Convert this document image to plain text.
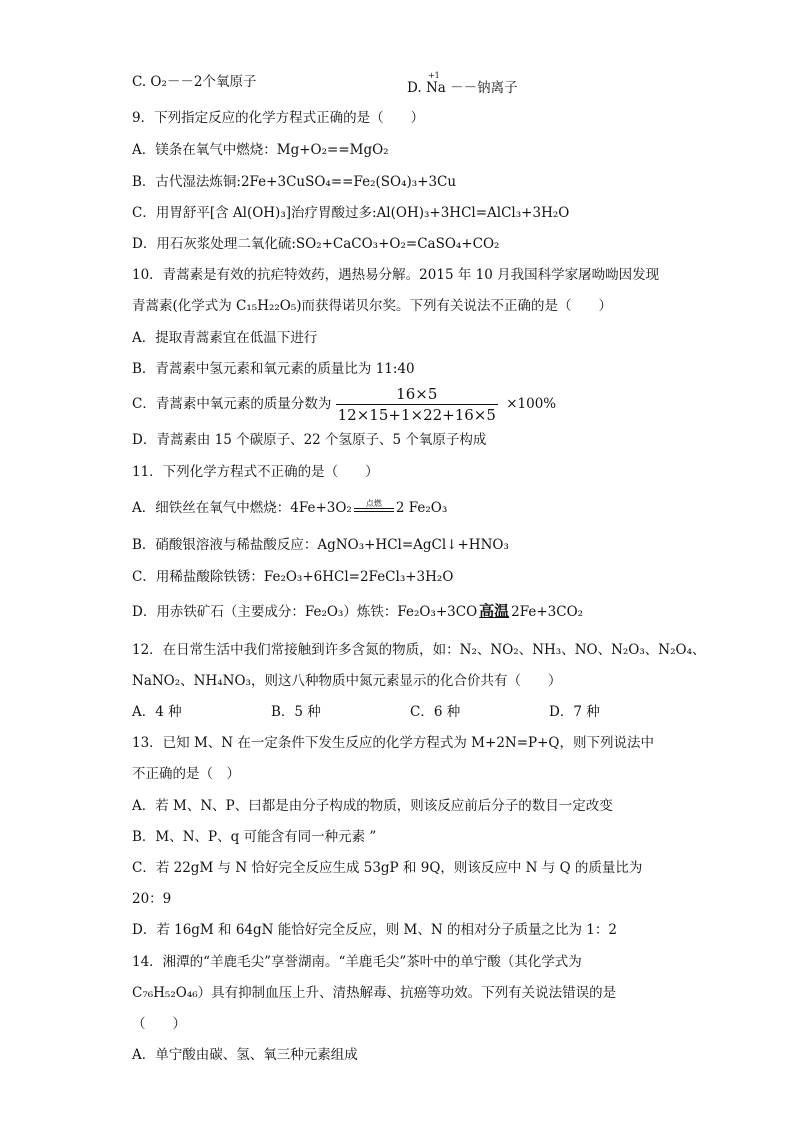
C. O₂－－2个氧原子	D.
+1
Na －－钠离子
9．下列指定反应的化学方程式正确的是（　　）
A．镁条在氧气中燃烧：Mg+O₂==MgO₂
B．古代湿法炼铜:2Fe+3CuSO₄==Fe₂(SO₄)₃+3Cu
C．用胃舒平[含 Al(OH)₃]治疗胃酸过多:Al(OH)₃+3HCl=AlCl₃+3H₂O
D．用石灰浆处理二氧化硫:SO₂+CaCO₃+O₂=CaSO₄+CO₂
10．青蒿素是有效的抗疟特效药，遇热易分解。2015 年 10 月我国科学家屠呦呦因发现
青蒿素(化学式为 C₁₅H₂₂O₅)而获得诺贝尔奖。下列有关说法不正确的是（　　）
A．提取青蒿素宜在低温下进行
B．青蒿素中氢元素和氧元素的质量比为 11:40
C．青蒿素中氧元素的质量分数为 $\frac{16\times 5}{12\times 15+1\times 22+16\times 5} \times 100\%$
D．青蒿素由 15 个碳原子、22 个氢原子、5 个氧原子构成
11．下列化学方程式不正确的是（　　）
A．细铁丝在氧气中燃烧：4Fe+3O₂	点燃	2 Fe₂O₃
B．硝酸银溶液与稀盐酸反应：AgNO₃+HCl=AgCl↓+HNO₃
C．用稀盐酸除铁锈：Fe₂O₃+6HCl=2FeCl₃+3H₂O
D．用赤铁矿石（主要成分：Fe₂O₃）炼铁：Fe₂O₃+3CO 高温 2Fe+3CO₂
12．在日常生活中我们常接触到许多含氮的物质，如：N₂、NO₂、NH₃、NO、N₂O₃、N₂O₄、
NaNO₂、NH₄NO₃，则这八种物质中氮元素显示的化合价共有（　　）
A．4 种	B．5 种	C．6 种	D．7 种
13．已知 M、N 在一定条件下发生反应的化学方程式为 M+2N=P+Q，则下列说法中
不正确的是（　）
A．若 M、N、P、曰都是由分子构成的物质，则该反应前后分子的数目一定改变
B．M、N、P、q 可能含有同一种元素 ”
C．若 22gM 与 N 恰好完全反应生成 53gP 和 9Q，则该反应中 N 与 Q 的质量比为
20：9
D．若 16gM 和 64gN 能恰好完全反应，则 M、N 的相对分子质量之比为 1：2
14．湘潭的“羊鹿毛尖”享誉湖南。“羊鹿毛尖”茶叶中的单宁酸（其化学式为
C₇₆H₅₂O₄₆）具有抑制血压上升、清热解毒、抗癌等功效。下列有关说法错误的是
（　　）
A．单宁酸由碳、氢、氧三种元素组成
